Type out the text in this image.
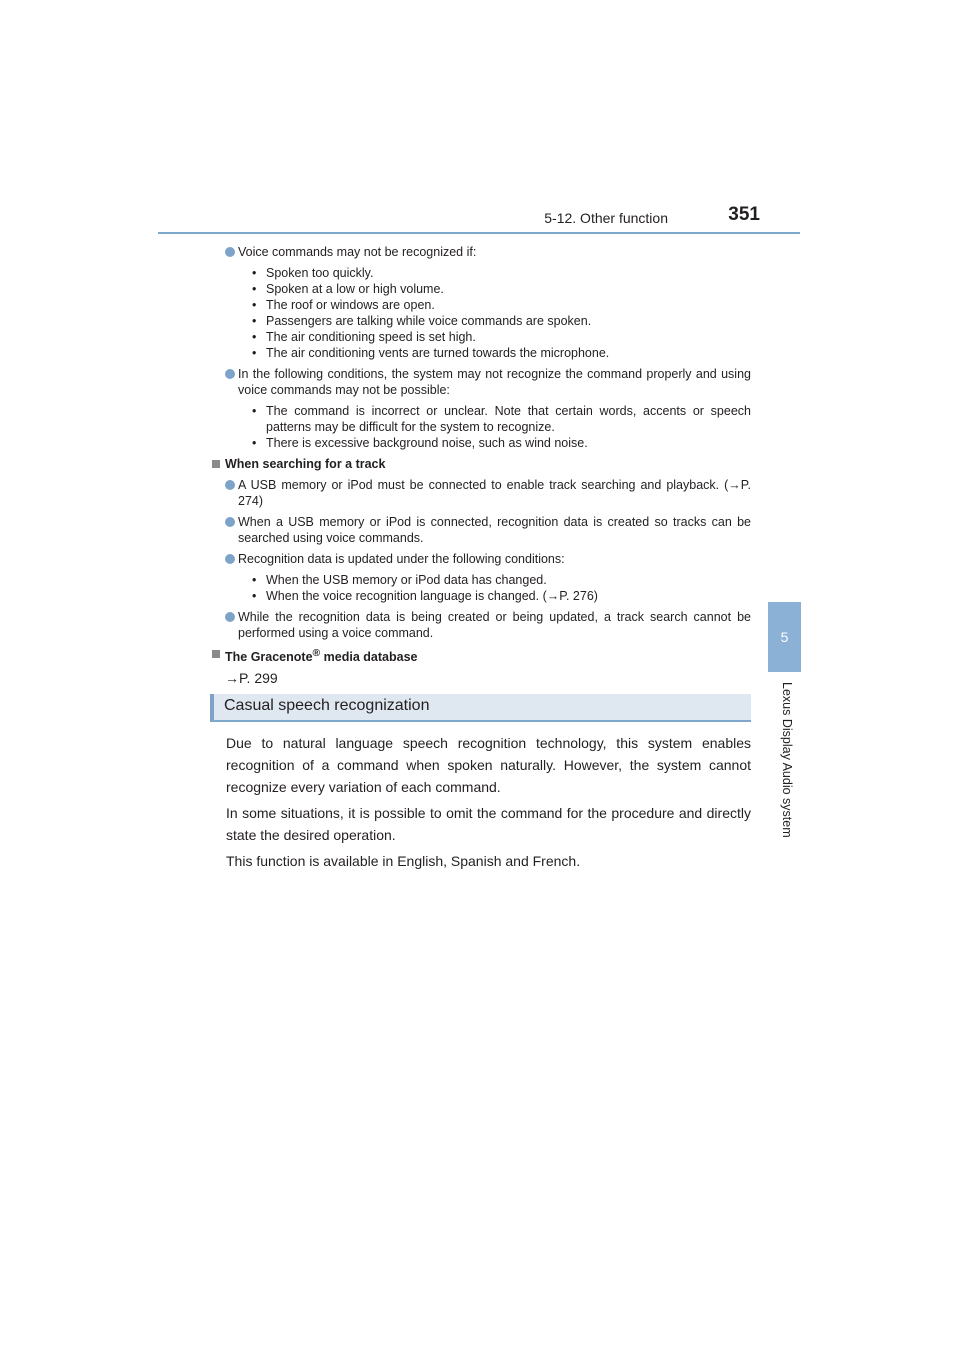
5-12. Other function	351
5
Lexus Display Audio system
Voice commands may not be recognized if:
• Spoken too quickly.
• Spoken at a low or high volume.
• The roof or windows are open.
• Passengers are talking while voice commands are spoken.
• The air conditioning speed is set high.
• The air conditioning vents are turned towards the microphone.
In the following conditions, the system may not recognize the command properly and using voice commands may not be possible:
• The command is incorrect or unclear. Note that certain words, accents or speech patterns may be difficult for the system to recognize.
• There is excessive background noise, such as wind noise.
When searching for a track
A USB memory or iPod must be connected to enable track searching and playback. (→P. 274)
When a USB memory or iPod is connected, recognition data is created so tracks can be searched using voice commands.
Recognition data is updated under the following conditions:
• When the USB memory or iPod data has changed.
• When the voice recognition language is changed. (→P. 276)
While the recognition data is being created or being updated, a track search cannot be performed using a voice command.
The Gracenote® media database
→P. 299
Casual speech recognization

Due to natural language speech recognition technology, this system enables recognition of a command when spoken naturally. However, the system cannot recognize every variation of each command.

In some situations, it is possible to omit the command for the procedure and directly state the desired operation.

This function is available in English, Spanish and French.
